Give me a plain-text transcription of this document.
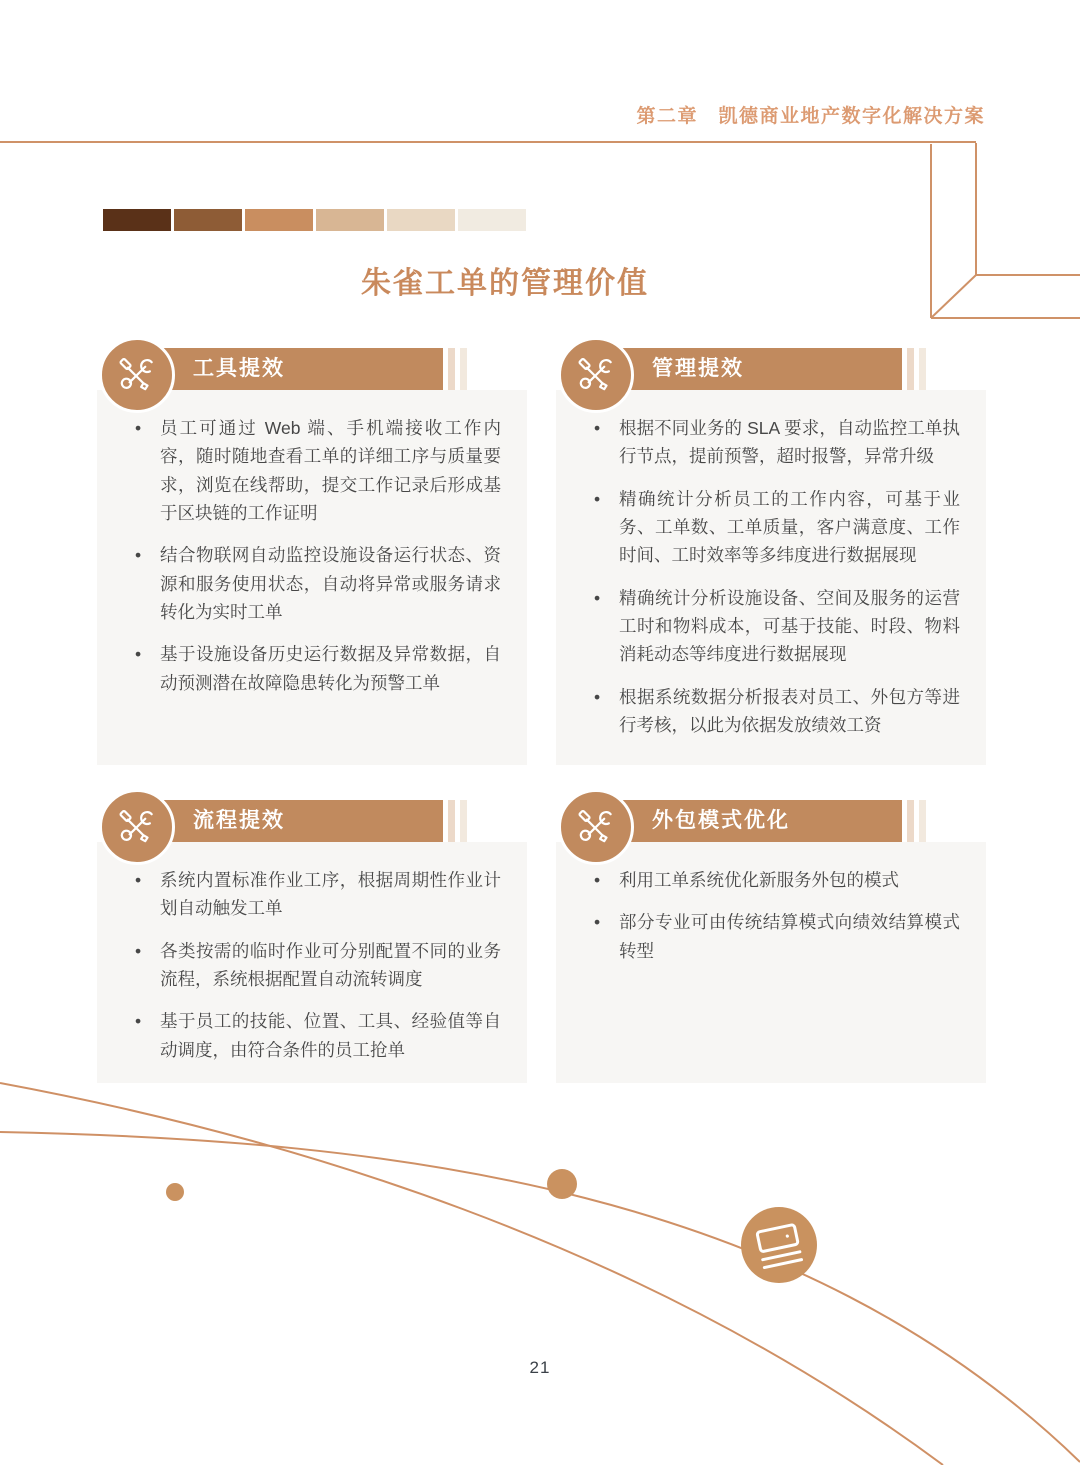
第二章　凯德商业地产数字化解决方案
朱雀工单的管理价值
工具提效
• 员工可通过 Web 端、手机端接收工作内容，随时随地查看工单的详细工序与质量要求，浏览在线帮助，提交工作记录后形成基于区块链的工作证明
• 结合物联网自动监控设施设备运行状态、资源和服务使用状态，自动将异常或服务请求转化为实时工单
• 基于设施设备历史运行数据及异常数据，自动预测潜在故障隐患转化为预警工单
管理提效
• 根据不同业务的 SLA 要求，自动监控工单执行节点，提前预警，超时报警，异常升级
• 精确统计分析员工的工作内容，可基于业务、工单数、工单质量，客户满意度、工作时间、工时效率等多纬度进行数据展现
• 精确统计分析设施设备、空间及服务的运营工时和物料成本，可基于技能、时段、物料消耗动态等纬度进行数据展现
• 根据系统数据分析报表对员工、外包方等进行考核，以此为依据发放绩效工资
流程提效
• 系统内置标准作业工序，根据周期性作业计划自动触发工单
• 各类按需的临时作业可分别配置不同的业务流程，系统根据配置自动流转调度
• 基于员工的技能、位置、工具、经验值等自动调度，由符合条件的员工抢单
外包模式优化
• 利用工单系统优化新服务外包的模式
• 部分专业可由传统结算模式向绩效结算模式转型
21
